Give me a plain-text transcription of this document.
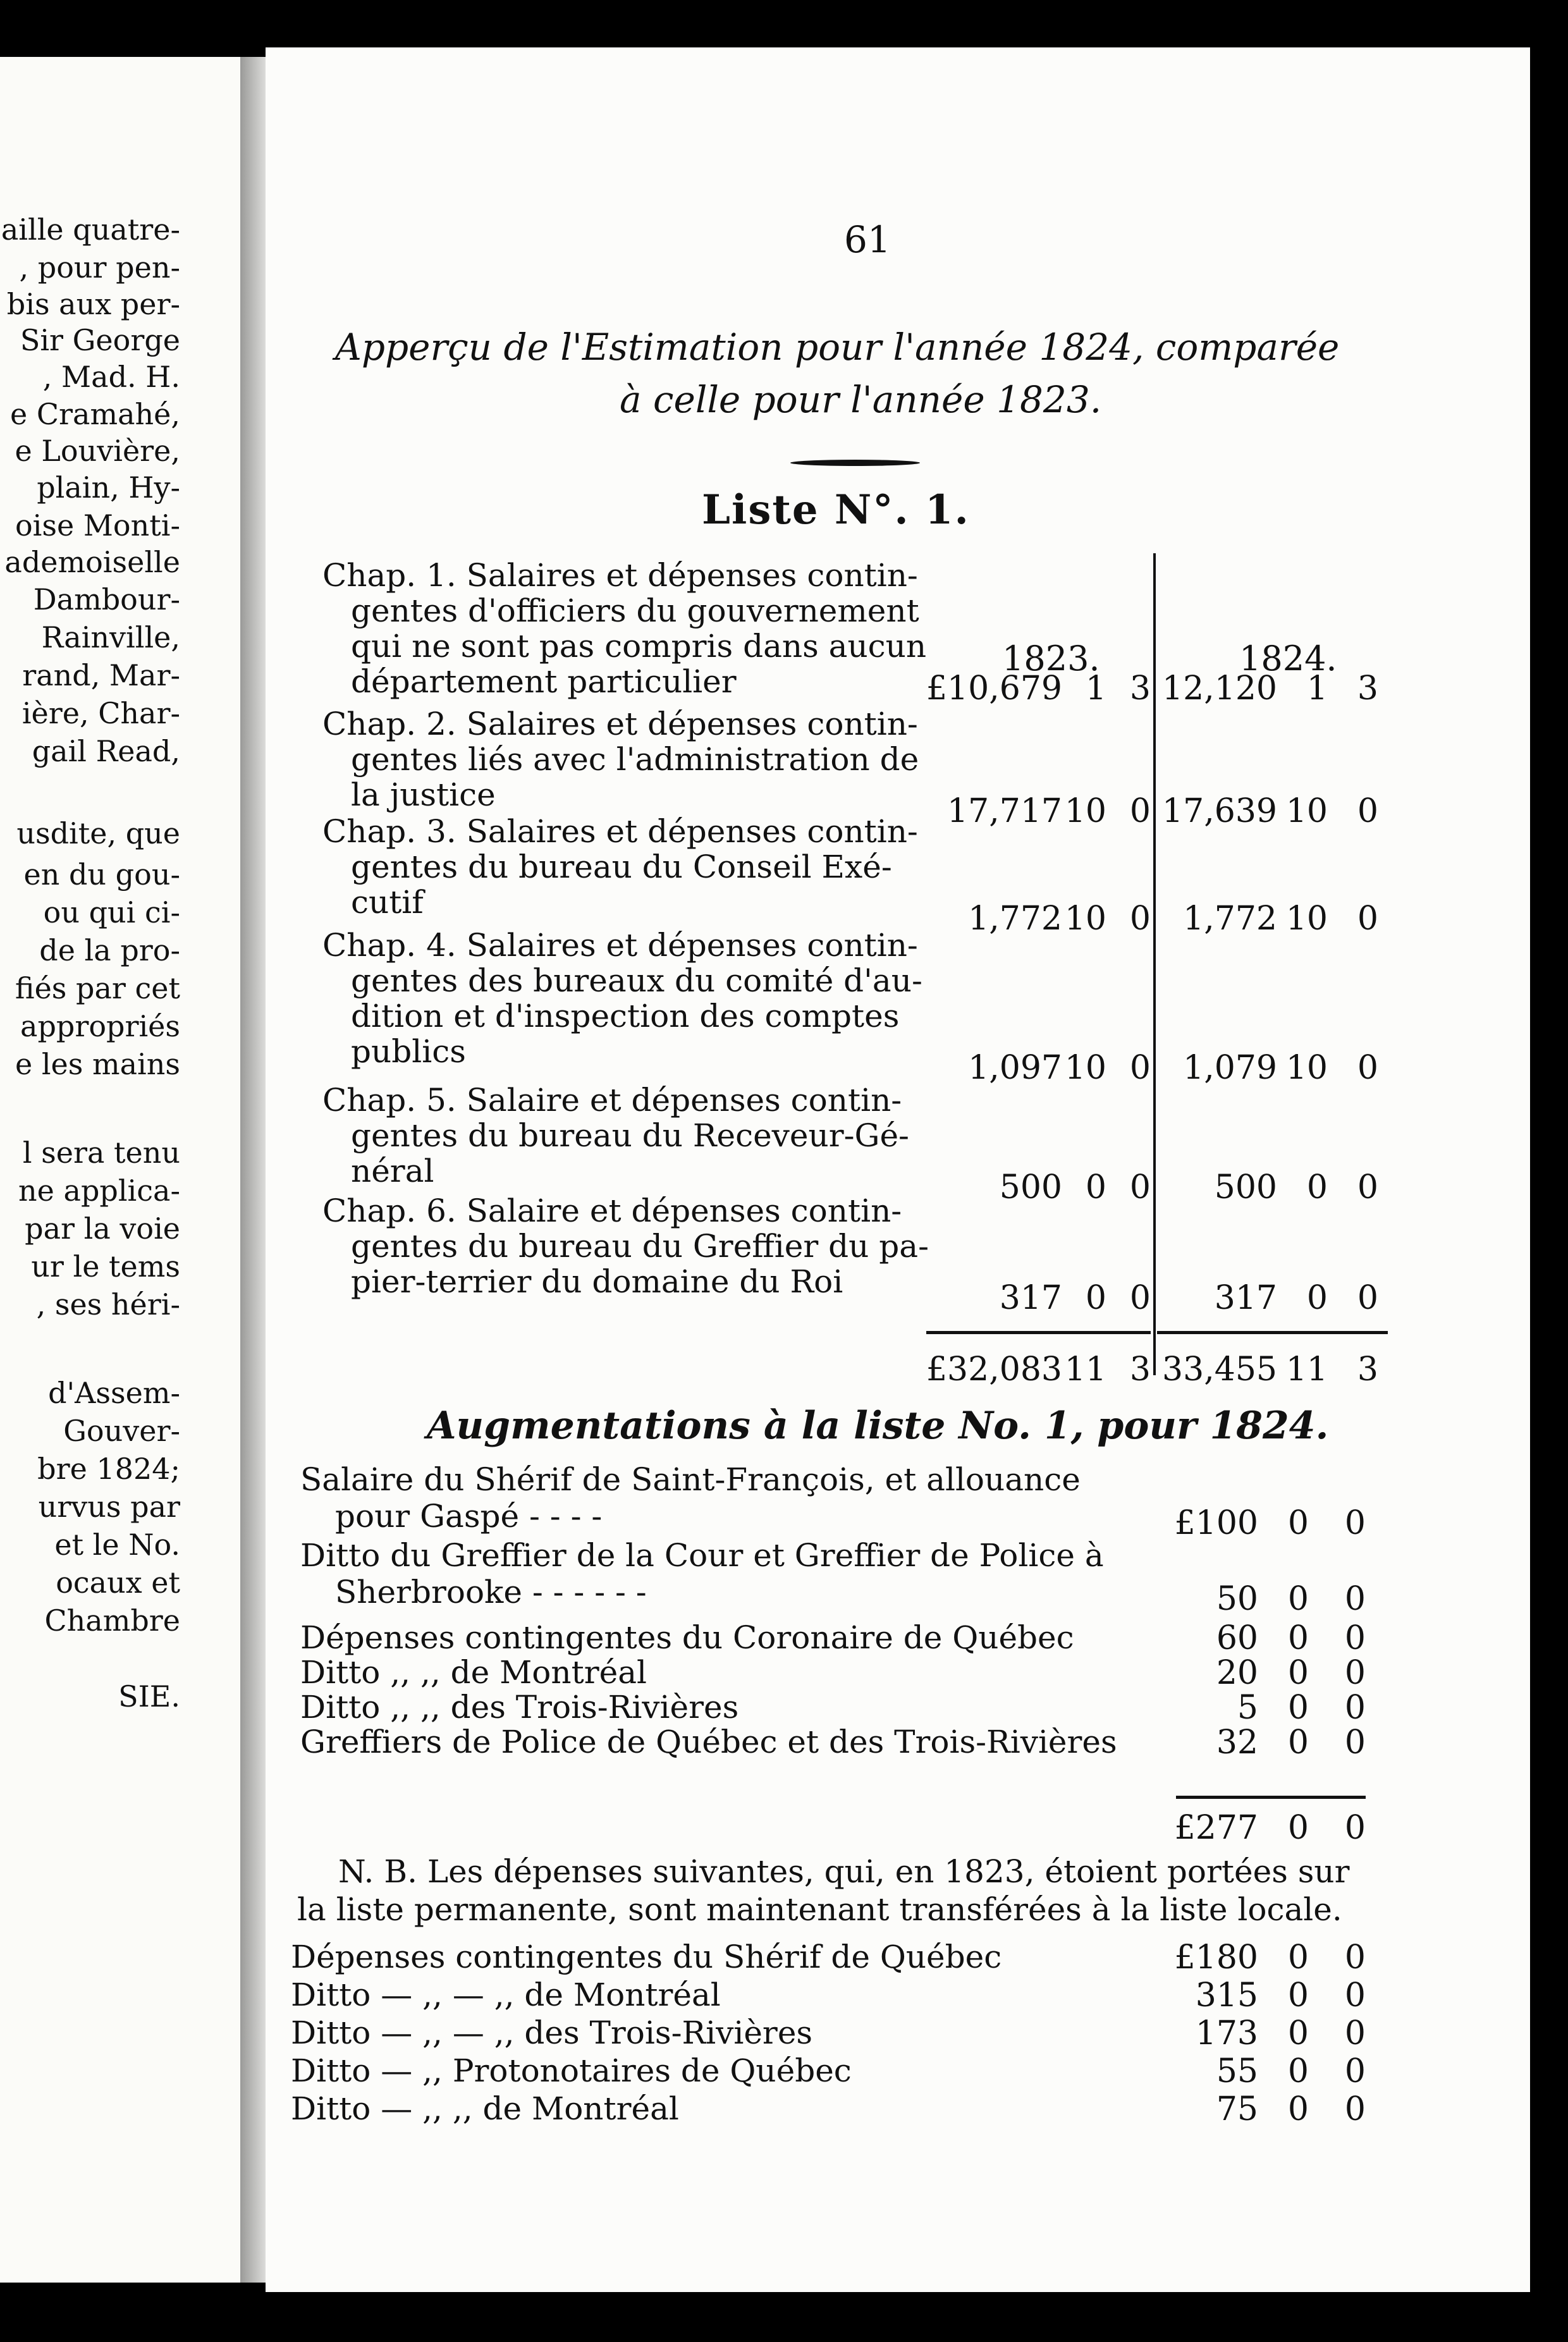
aille quatre-
, pour pen-
bis aux per-
Sir George
, Mad. H.
e Cramahé,
e Louvière,
plain, Hy-
oise Monti-
ademoiselle
Dambour-
Rainville,
rand, Mar-
ière, Char-
gail Read,
usdite, que
en du gou-
ou qui ci-
de la pro-
fiés par cet
appropriés
e les mains
l sera tenu
ne applica-
par la voie
ur le tems
, ses héri-
d'Assem-
Gouver-
bre 1824;
urvus par
et le No.
ocaux et
Chambre
SIE.
61
Apperçu de l'Estimation pour l'année 1824, comparée
à celle pour l'année 1823.
Liste N°. 1.
1823.	1824.
Chap. 1. Salaires et dépenses contin-
gentes d'officiers du gouvernement
qui ne sont pas compris dans aucun
département particulier	£10,679 1 3 12,120 1 3
Chap. 2. Salaires et dépenses contin-
gentes liés avec l'administration de
la justice	17,717 10 0 17,639 10 0
Chap. 3. Salaires et dépenses contin-
gentes du bureau du Conseil Exé-
cutif	1,772 10 0 1,772 10 0
Chap. 4. Salaires et dépenses contin-
gentes des bureaux du comité d'au-
dition et d'inspection des comptes
publics	1,097 10 0 1,079 10 0
Chap. 5. Salaire et dépenses contin-
gentes du bureau du Receveur-Gé-
néral	500 0 0 500 0 0
Chap. 6. Salaire et dépenses contin-
gentes du bureau du Greffier du pa-
pier-terrier du domaine du Roi	317 0 0 317 0 0
£32,083 11 3 33,455 11 3
Augmentations à la liste No. 1, pour 1824.
Salaire du Shérif de Saint-François, et allouance
pour Gaspé - - - -	£100 0 0
Ditto du Greffier de la Cour et Greffier de Police à
Sherbrooke - - - - - -	50 0 0
Dépenses contingentes du Coronaire de Québec	60 0 0
Ditto ,, ,, de Montréal	20 0 0
Ditto ,, ,, des Trois-Rivières	5 0 0
Greffiers de Police de Québec et des Trois-Rivières	32 0 0
£277 0 0
N. B. Les dépenses suivantes, qui, en 1823, étoient portées sur
la liste permanente, sont maintenant transférées à la liste locale.
Dépenses contingentes du Shérif de Québec	£180 0 0
Ditto — ,, — ,, de Montréal	315 0 0
Ditto — ,, — ,, des Trois-Rivières	173 0 0
Ditto — ,, Protonotaires de Québec	55 0 0
Ditto — ,, ,, de Montréal	75 0 0
